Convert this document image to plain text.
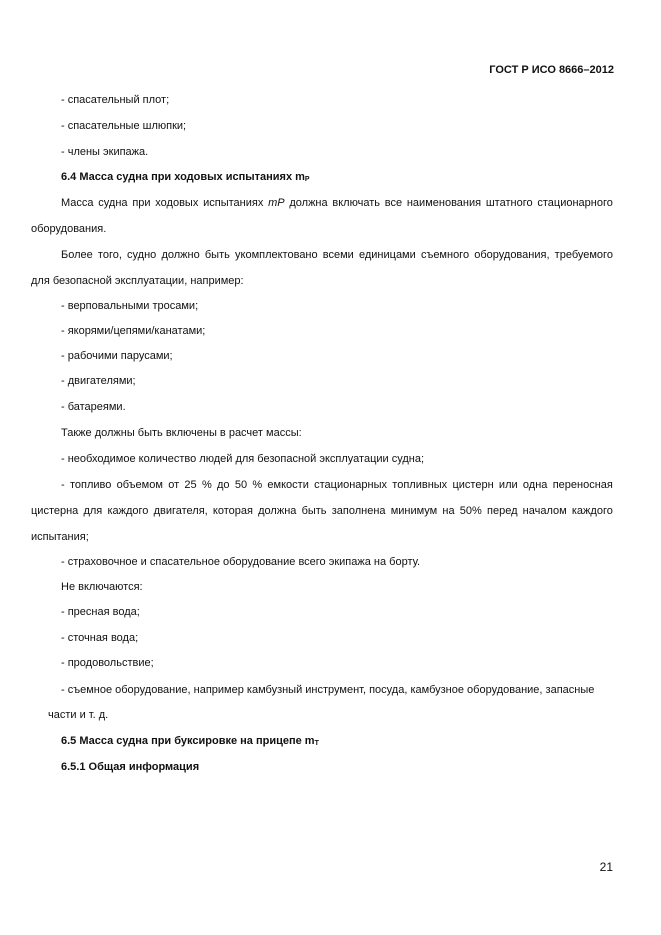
ГОСТ Р ИСО 8666–2012
- спасательный плот;
- спасательные шлюпки;
- члены экипажа.
6.4 Масса судна при ходовых испытаниях $m_P$
Масса судна при ходовых испытаниях mP должна включать все наименования штатного стационарного
оборудования.
Более того, судно должно быть укомплектовано всеми единицами съемного оборудования, требуемого
для безопасной эксплуатации, например:
- верповальными тросами;
- якорями/цепями/канатами;
- рабочими парусами;
- двигателями;
- батареями.
Также должны быть включены в расчет массы:
- необходимое количество людей для безопасной эксплуатации судна;
- топливо объемом от 25 % до 50 % емкости стационарных топливных цистерн или одна переносная
цистерна для каждого двигателя, которая должна быть заполнена минимум на 50% перед началом каждого
испытания;
- страховочное и спасательное оборудование всего экипажа на борту.
Не включаются:
- пресная вода;
- сточная вода;
- продовольствие;
- съемное оборудование, например камбузный инструмент, посуда, камбузное оборудование, запасные
части и т. д.
6.5 Масса судна при буксировке на прицепе $m_T$
6.5.1 Общая информация
21
